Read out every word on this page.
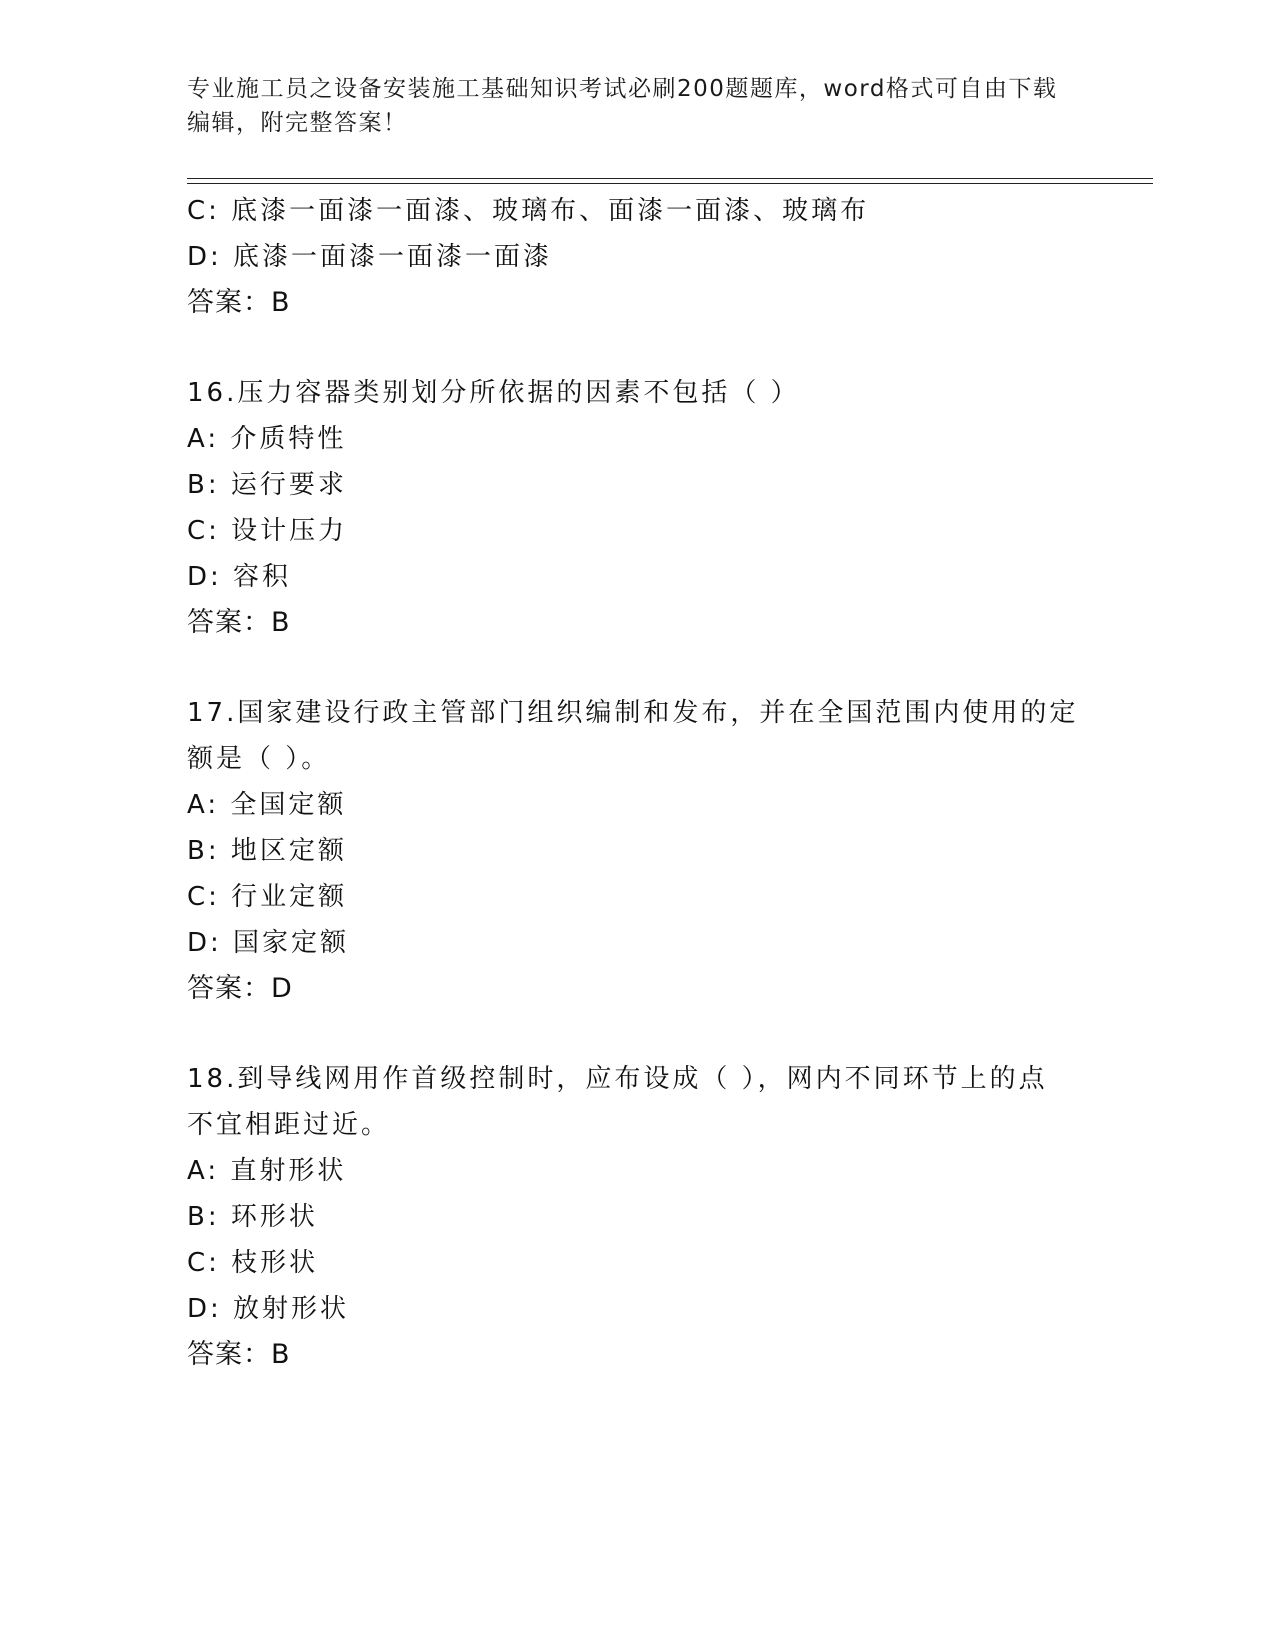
专业施工员之设备安装施工基础知识考试必刷200题题库，word格式可自由下载
编辑，附完整答案！
C: 底漆一面漆一面漆、玻璃布、面漆一面漆、玻璃布
D: 底漆一面漆一面漆一面漆
答案：B
16.压力容器类别划分所依据的因素不包括（ ）
A: 介质特性
B: 运行要求
C: 设计压力
D: 容积
答案：B
17.国家建设行政主管部门组织编制和发布，并在全国范围内使用的定
额是（ ）。
A: 全国定额
B: 地区定额
C: 行业定额
D: 国家定额
答案：D
18.到导线网用作首级控制时，应布设成（ ），网内不同环节上的点
不宜相距过近。
A: 直射形状
B: 环形状
C: 枝形状
D: 放射形状
答案：B
